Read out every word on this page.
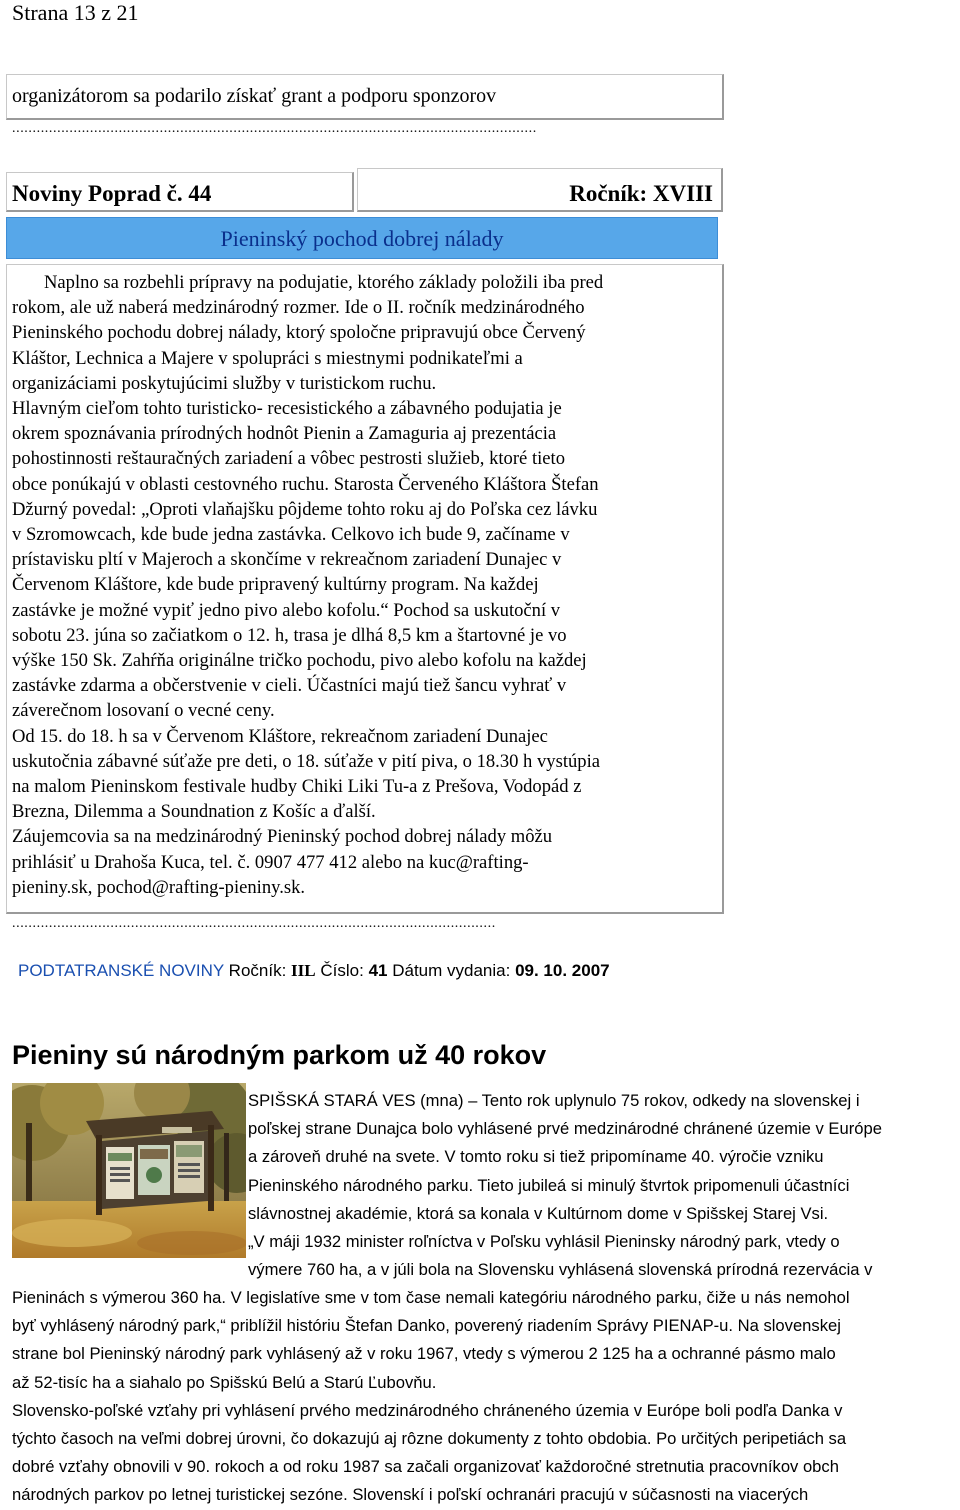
Strana 13 z 21
organizátorom sa podarilo získať grant a podporu sponzorov
................................................................................................................................
Noviny Poprad č. 44	Ročník: XVIII
Pieninský pochod dobrej nálady

Naplno sa rozbehli prípravy na podujatie, ktorého základy položili iba pred

rokom, ale už naberá medzinárodný rozmer. Ide o II. ročník medzinárodného

Pieninského pochodu dobrej nálady, ktorý spoločne pripravujú obce Červený

Kláštor, Lechnica a Majere v spolupráci s miestnymi podnikateľmi a

organizáciami poskytujúcimi služby v turistickom ruchu.

Hlavným cieľom tohto turisticko- recesistického a zábavného podujatia je

okrem spoznávania prírodných hodnôt Pienin a Zamaguria aj prezentácia

pohostinnosti reštauračných zariadení a vôbec pestrosti služieb, ktoré tieto

obce ponúkajú v oblasti cestovného ruchu. Starosta Červeného Kláštora Štefan

Džurný povedal: „Oproti vlaňajšku pôjdeme tohto roku aj do Poľska cez lávku

v Szromowcach, kde bude jedna zastávka. Celkovo ich bude 9, začíname v

prístavisku pltí v Majeroch a skončíme v rekreačnom zariadení Dunajec v

Červenom Kláštore, kde bude pripravený kultúrny program. Na každej

zastávke je možné vypiť jedno pivo alebo kofolu.“ Pochod sa uskutoční v

sobotu 23. júna so začiatkom o 12. h, trasa je dlhá 8,5 km a štartovné je vo

výške 150 Sk. Zahŕňa originálne tričko pochodu, pivo alebo kofolu na každej

zastávke zdarma a občerstvenie v cieli. Účastníci majú tiež šancu vyhrať v

záverečnom losovaní o vecné ceny.

Od 15. do 18. h sa v Červenom Kláštore, rekreačnom zariadení Dunajec

uskutočnia zábavné súťaže pre deti, o 18. súťaže v pití piva, o 18.30 h vystúpia

na malom Pieninskom festivale hudby Chiki Liki Tu-a z Prešova, Vodopád z

Brezna, Dilemma a Soundnation z Košíc a ďalší.

Záujemcovia sa na medzinárodný Pieninský pochod dobrej nálady môžu

prihlásiť u Drahoša Kuca, tel. č. 0907 477 412 alebo na kuc@rafting-

pieniny.sk, pochod@rafting-pieniny.sk.

......................................................................................................................
PODTATRANSKÉ NOVINY Ročník: IIL Číslo: 41 Dátum vydania: 09. 10. 2007
Pieniny sú národným parkom už 40 rokov

SPIŠSKÁ STARÁ VES (mna) – Tento rok uplynulo 75 rokov, odkedy na slovenskej i

poľskej strane Dunajca bolo vyhlásené prvé medzinárodné chránené územie v Európe

a zároveň druhé na svete. V tomto roku si tiež pripomíname 40. výročie vzniku

Pieninského národného parku. Tieto jubileá si minulý štvrtok pripomenuli účastníci

slávnostnej akadémie, ktorá sa konala v Kultúrnom dome v Spišskej Starej Vsi.

„V máji 1932 minister roľníctva v Poľsku vyhlásil Pieninsky národný park, vtedy o

výmere 760 ha, a v júli bola na Slovensku vyhlásená slovenská prírodná rezervácia v

Pieninách s výmerou 360 ha. V legislatíve sme v tom čase nemali kategóriu národného parku, čiže u nás nemohol

byť vyhlásený národný park,“ priblížil históriu Štefan Danko, poverený riadením Správy PIENAP-u. Na slovenskej

strane bol Pieninský národný park vyhlásený až v roku 1967, vtedy s výmerou 2 125 ha a ochranné pásmo malo

až 52-tisíc ha a siahalo po Spišskú Belú a Starú Ľubovňu.

Slovensko-poľské vzťahy pri vyhlásení prvého medzinárodného chráneného územia v Európe boli podľa Danka v

týchto časoch na veľmi dobrej úrovni, čo dokazujú aj rôzne dokumenty z tohto obdobia. Po určitých peripetiách sa

dobré vzťahy obnovili v 90. rokoch a od roku 1987 sa začali organizovať každoročné stretnutia pracovníkov obch

národných parkov po letnej turistickej sezóne. Slovenskí i poľskí ochranári pracujú v súčasnosti na viacerých
